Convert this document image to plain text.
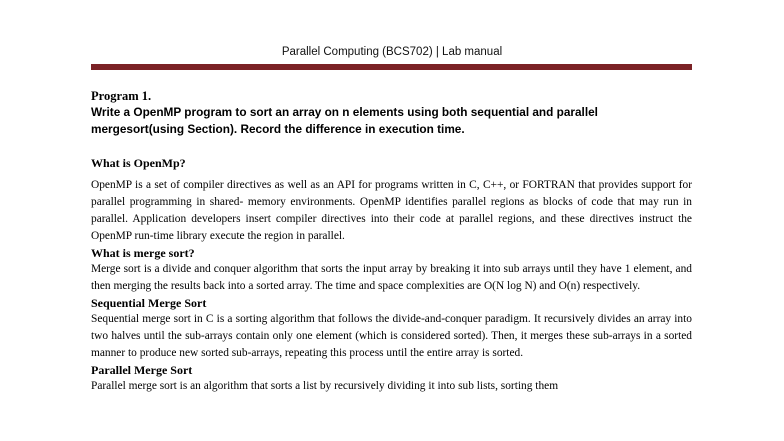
Parallel Computing (BCS702) | Lab manual

Program 1.

Write a OpenMP program to sort an array on n elements using both sequential and parallel mergesort(using Section). Record the difference in execution time.

What is OpenMp?

OpenMP is a set of compiler directives as well as an API for programs written in C, C++, or FORTRAN that provides support for parallel programming in shared- memory environments. OpenMP identifies parallel regions as blocks of code that may run in parallel. Application developers insert compiler directives into their code at parallel regions, and these directives instruct the OpenMP run-time library execute the region in parallel.

What is merge sort?

Merge sort is a divide and conquer algorithm that sorts the input array by breaking it into sub arrays until they have 1 element, and then merging the results back into a sorted array. The time and space complexities are O(N log N) and O(n) respectively.

Sequential Merge Sort

Sequential merge sort in C is a sorting algorithm that follows the divide-and-conquer paradigm. It recursively divides an array into two halves until the sub-arrays contain only one element (which is considered sorted). Then, it merges these sub-arrays in a sorted manner to produce new sorted sub-arrays, repeating this process until the entire array is sorted.

Parallel Merge Sort

Parallel merge sort is an algorithm that sorts a list by recursively dividing it into sub lists, sorting them
